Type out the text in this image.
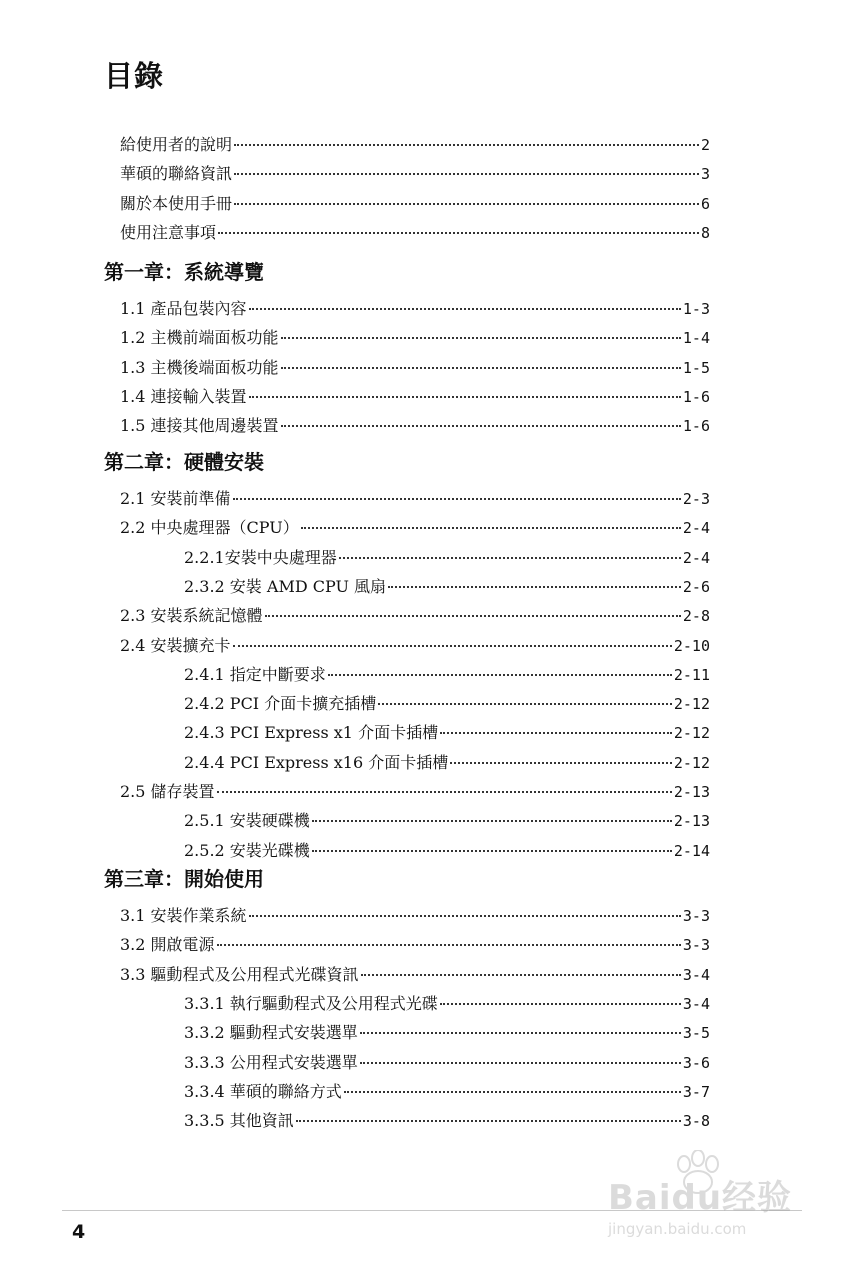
目錄
給使用者的說明	2
華碩的聯絡資訊	3
關於本使用手冊	6
使用注意事項	8
第一章：系統導覽
1.1 產品包裝內容	1-3
1.2 主機前端面板功能	1-4
1.3 主機後端面板功能	1-5
1.4 連接輸入裝置	1-6
1.5 連接其他周邊裝置	1-6
第二章：硬體安裝
2.1 安裝前準備	2-3
2.2 中央處理器（CPU）	2-4
2.2.1安裝中央處理器	2-4
2.3.2 安裝 AMD CPU 風扇	2-6
2.3 安裝系統記憶體	2-8
2.4 安裝擴充卡	2-10
2.4.1 指定中斷要求	2-11
2.4.2 PCI 介面卡擴充插槽	2-12
2.4.3 PCI Express x1 介面卡插槽	2-12
2.4.4 PCI Express x16 介面卡插槽	2-12
2.5 儲存裝置	2-13
2.5.1 安裝硬碟機	2-13
2.5.2 安裝光碟機	2-14
第三章：開始使用
3.1 安裝作業系統	3-3
3.2 開啟電源	3-3
3.3 驅動程式及公用程式光碟資訊	3-4
3.3.1 執行驅動程式及公用程式光碟	3-4
3.3.2 驅動程式安裝選單	3-5
3.3.3 公用程式安裝選單	3-6
3.3.4 華碩的聯絡方式	3-7
3.3.5 其他資訊	3-8
4
Baidu经验
jingyan.baidu.com
